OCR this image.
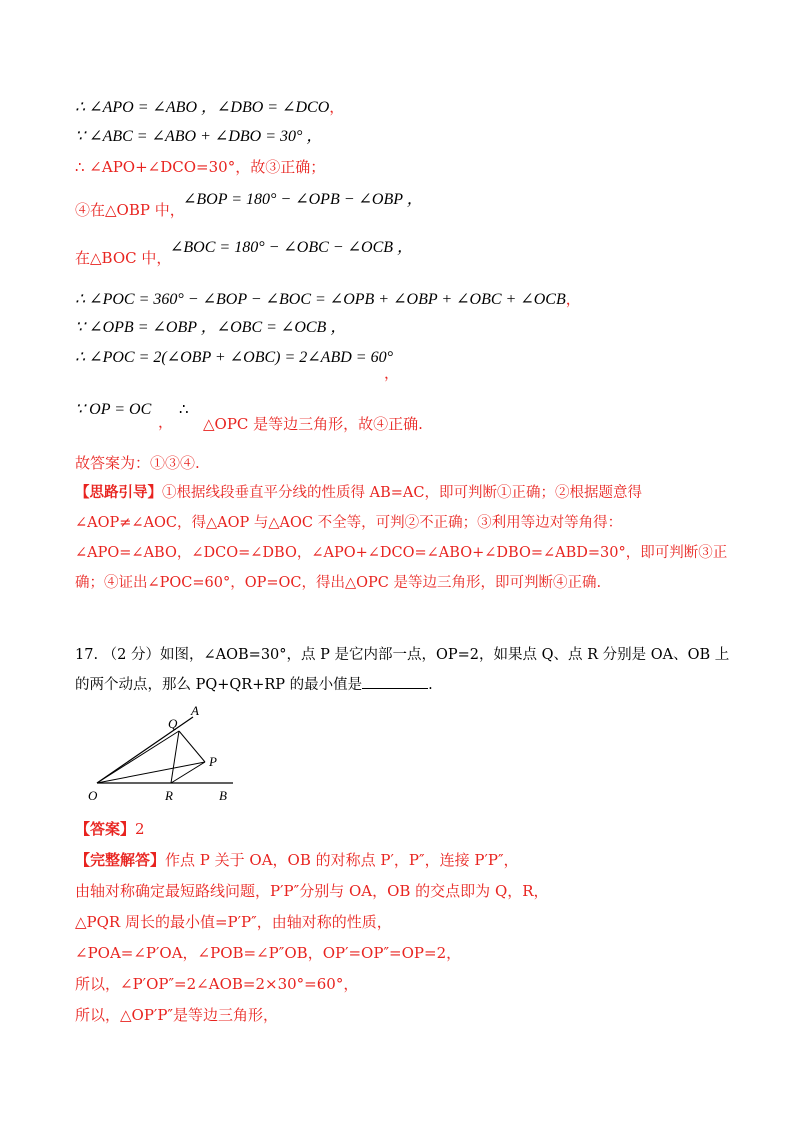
∴ ∠APO = ∠ABO ，∠DBO = ∠DCO，
∵ ∠ABC = ∠ABO + ∠DBO = 30° ，
∴ ∠APO+∠DCO=30°，故③正确；
∠BOP = 180° − ∠OPB − ∠OBP ，
④在△OBP 中，
∠BOC = 180° − ∠OBC − ∠OCB ，
在△BOC 中，
∴ ∠POC = 360° − ∠BOP − ∠BOC = ∠OPB + ∠OBP + ∠OBC + ∠OCB，
∵ ∠OPB = ∠OBP ，∠OBC = ∠OCB ，
∴ ∠POC = 2(∠OBP + ∠OBC) = 2∠ABD = 60°
，
∵ OP = OC
，
∴
△OPC 是等边三角形，故④正确.
故答案为：①③④.
【思路引导】①根据线段垂直平分线的性质得 AB=AC，即可判断①正确；②根据题意得∠AOP≠∠AOC，得△AOP 与△AOC 不全等，可判②不正确；③利用等边对等角得：∠APO=∠ABO，∠DCO=∠DBO，∠APO+∠DCO=∠ABO+∠DBO=∠ABD=30°，即可判断③正确；④证出∠POC=60°，OP=OC，得出△OPC 是等边三角形，即可判断④正确.
17. （2 分）如图，∠AOB=30°，点 P 是它内部一点，OP=2，如果点 Q、点 R 分别是 OA、OB 上的两个动点，那么 PQ+QR+RP 的最小值是	.
Q
A
P
O	R	B
【答案】2
【完整解答】作点 P 关于 OA，OB 的对称点 P′，P″，连接 P′P″，
由轴对称确定最短路线问题，P′P″分别与 OA，OB 的交点即为 Q，R，
△PQR 周长的最小值=P′P″，由轴对称的性质，
∠POA=∠P′OA，∠POB=∠P″OB，OP′=OP″=OP=2，
所以，∠P′OP″=2∠AOB=2×30°=60°，
所以，△OP′P″是等边三角形，
